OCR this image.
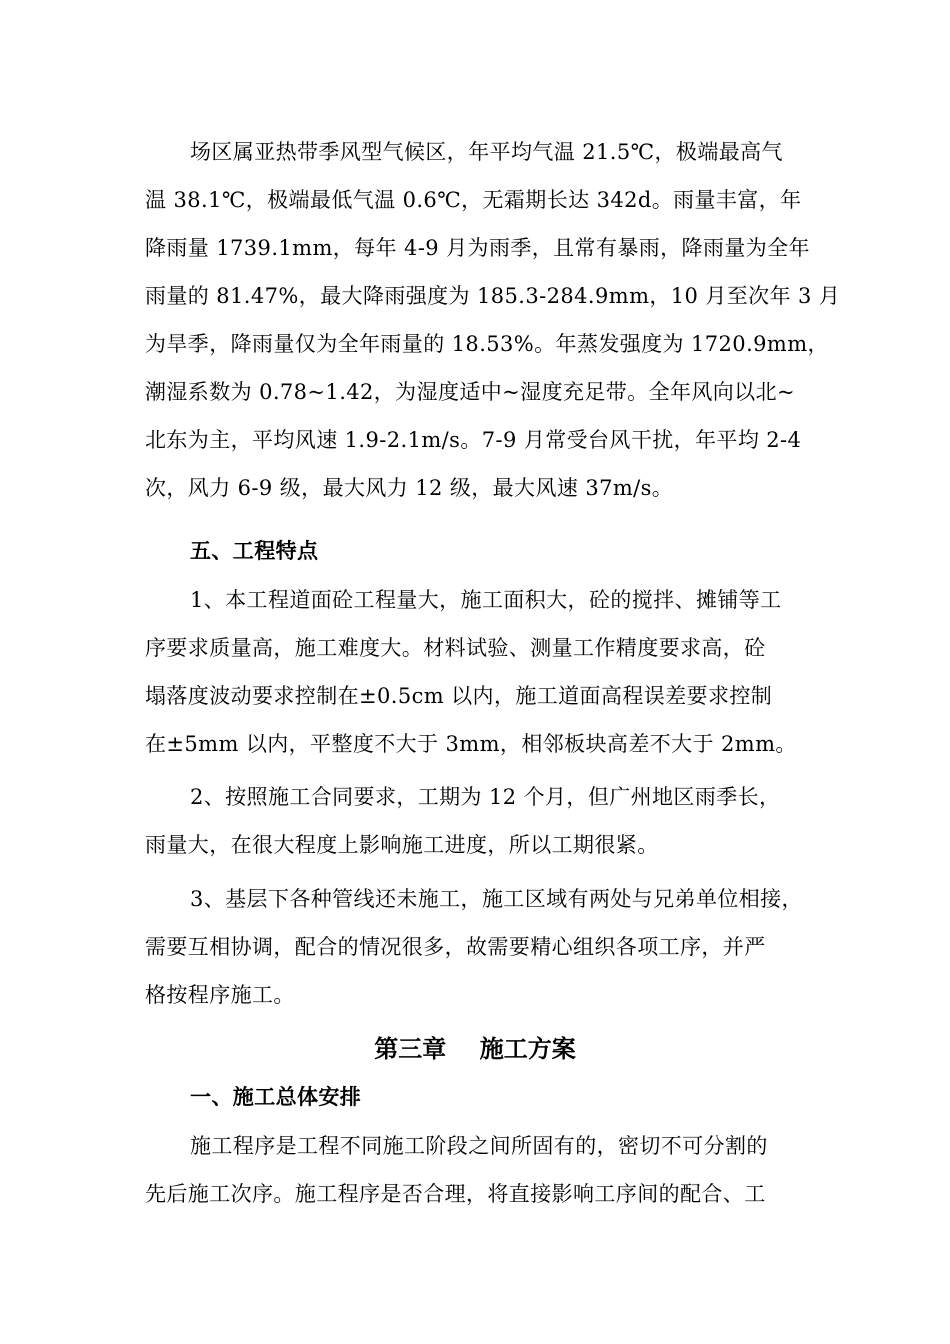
场区属亚热带季风型气候区，年平均气温 21.5℃，极端最高气
温 38.1℃，极端最低气温 0.6℃，无霜期长达 342d。雨量丰富，年
降雨量 1739.1mm，每年 4-9 月为雨季，且常有暴雨，降雨量为全年
雨量的 81.47%，最大降雨强度为 185.3-284.9mm，10 月至次年 3 月
为旱季，降雨量仅为全年雨量的 18.53%。年蒸发强度为 1720.9mm，
潮湿系数为 0.78~1.42，为湿度适中~湿度充足带。全年风向以北~
北东为主，平均风速 1.9-2.1m/s。7-9 月常受台风干扰，年平均 2-4
次，风力 6-9 级，最大风力 12 级，最大风速 37m/s。
五、工程特点
1、本工程道面砼工程量大，施工面积大，砼的搅拌、摊铺等工
序要求质量高，施工难度大。材料试验、测量工作精度要求高，砼
塌落度波动要求控制在±0.5cm 以内，施工道面高程误差要求控制
在±5mm 以内，平整度不大于 3mm，相邻板块高差不大于 2mm。
2、按照施工合同要求，工期为 12 个月，但广州地区雨季长，
雨量大，在很大程度上影响施工进度，所以工期很紧。
3、基层下各种管线还未施工，施工区域有两处与兄弟单位相接，
需要互相协调，配合的情况很多，故需要精心组织各项工序，并严
格按程序施工。
第三章    施工方案
一、施工总体安排
施工程序是工程不同施工阶段之间所固有的，密切不可分割的
先后施工次序。施工程序是否合理，将直接影响工序间的配合、工
